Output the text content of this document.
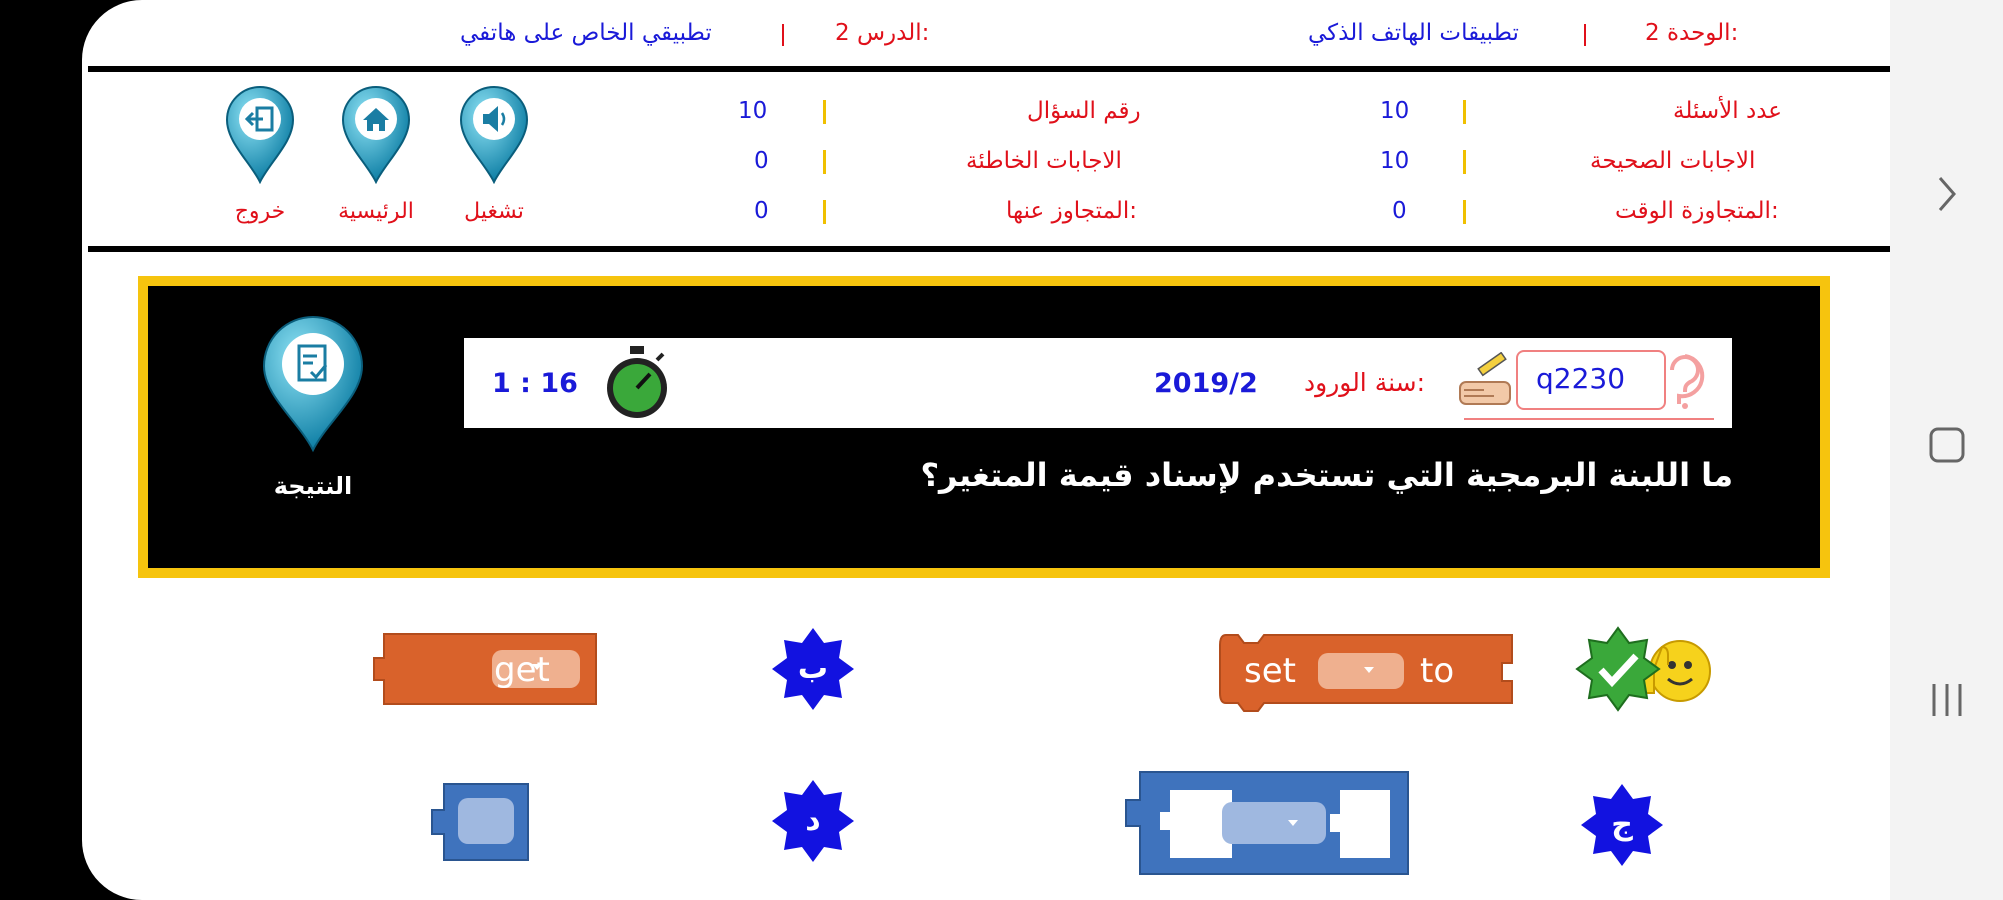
الوحدة 2:
تطبيقات الهاتف الذكي
الدرس 2:
تطبيقي الخاص على هاتفي
عدد الأسئلة
10
الاجابات الصحيحة
10
المتجاوزة الوقت:
0
رقم السؤال
10
الاجابات الخاطئة
0
المتجاوز عنها:
0
تشغيل
الرئيسية
خروج
q2230
سنة الورود:
2019/2
1 : 16
ما اللبنة البرمجية التي تستخدم لإسناد قيمة المتغير؟
النتيجة
set	to
ب
get
ج
=
د
